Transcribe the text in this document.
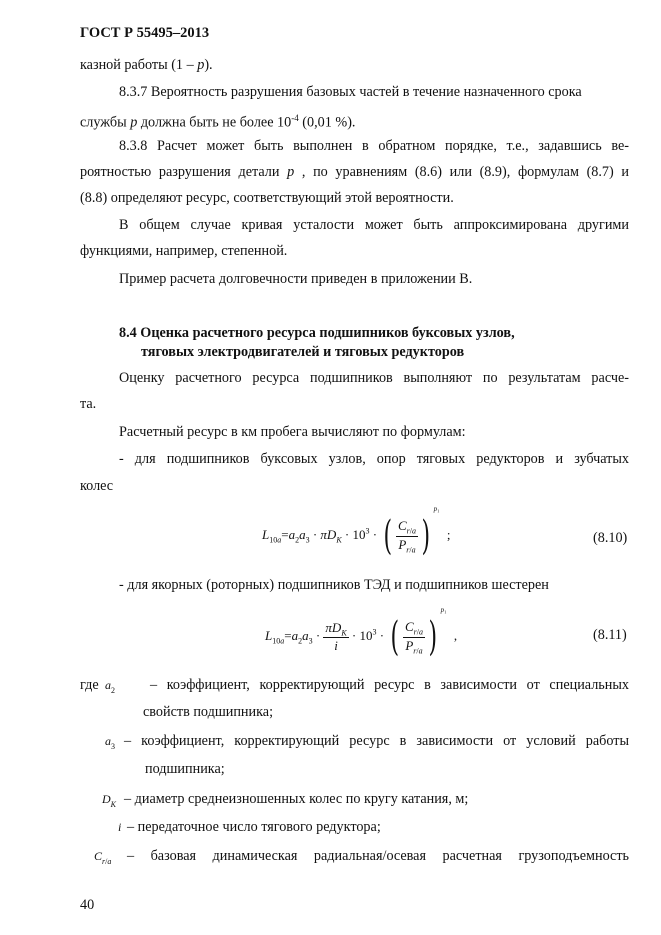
ГОСТ Р 55495–2013
казной работы (1 – p).
8.3.7 Вероятность разрушения базовых частей в течение назначенного срока
службы p должна быть не более $10^{-4}$ (0,01 %).
8.3.8 Расчет может быть выполнен в обратном порядке, т.е., задавшись ве-
роятностью разрушения детали p , по уравнениям (8.6) или (8.9), формулам (8.7) и
(8.8) определяют ресурс, соответствующий этой вероятности.
В общем случае кривая усталости может быть аппроксимирована другими
функциями, например, степенной.
Пример расчета долговечности приведен в приложении В.
8.4 Оценка расчетного ресурса подшипников буксовых узлов,
тяговых электродвигателей и тяговых редукторов
Оценку расчетного ресурса подшипников выполняют по результатам расче-
та.
Расчетный ресурс в км пробега вычисляют по формулам:
- для подшипников буксовых узлов, опор тяговых редукторов и зубчатых
колес
$L_{10a}=a_2a_3 \cdot \pi D_K \cdot 10^3$ · ( $\frac{C_{r/a}}{P_{r/a}} )^{p_1}$ ;	(8.10)
- для якорных (роторных) подшипников ТЭД и подшипников шестерен
$L_{10a}=a_2a_3 \cdot \frac{\pi D_K}{i} \cdot 10^3$ · ( $\frac{C_{r/a}}{P_{r/a}} )^{p_1}$ ,	(8.11)
где $a_2$ – коэффициент, корректирующий ресурс в зависимости от специальных
свойств подшипника;
$a_3$ – коэффициент, корректирующий ресурс в зависимости от условий работы
подшипника;
$D_K$ – диаметр среднеизношенных колес по кругу катания, м;
i – передаточное число тягового редуктора;
$C_{r/a}$ – базовая динамическая радиальная/осевая расчетная грузоподъемность
40
